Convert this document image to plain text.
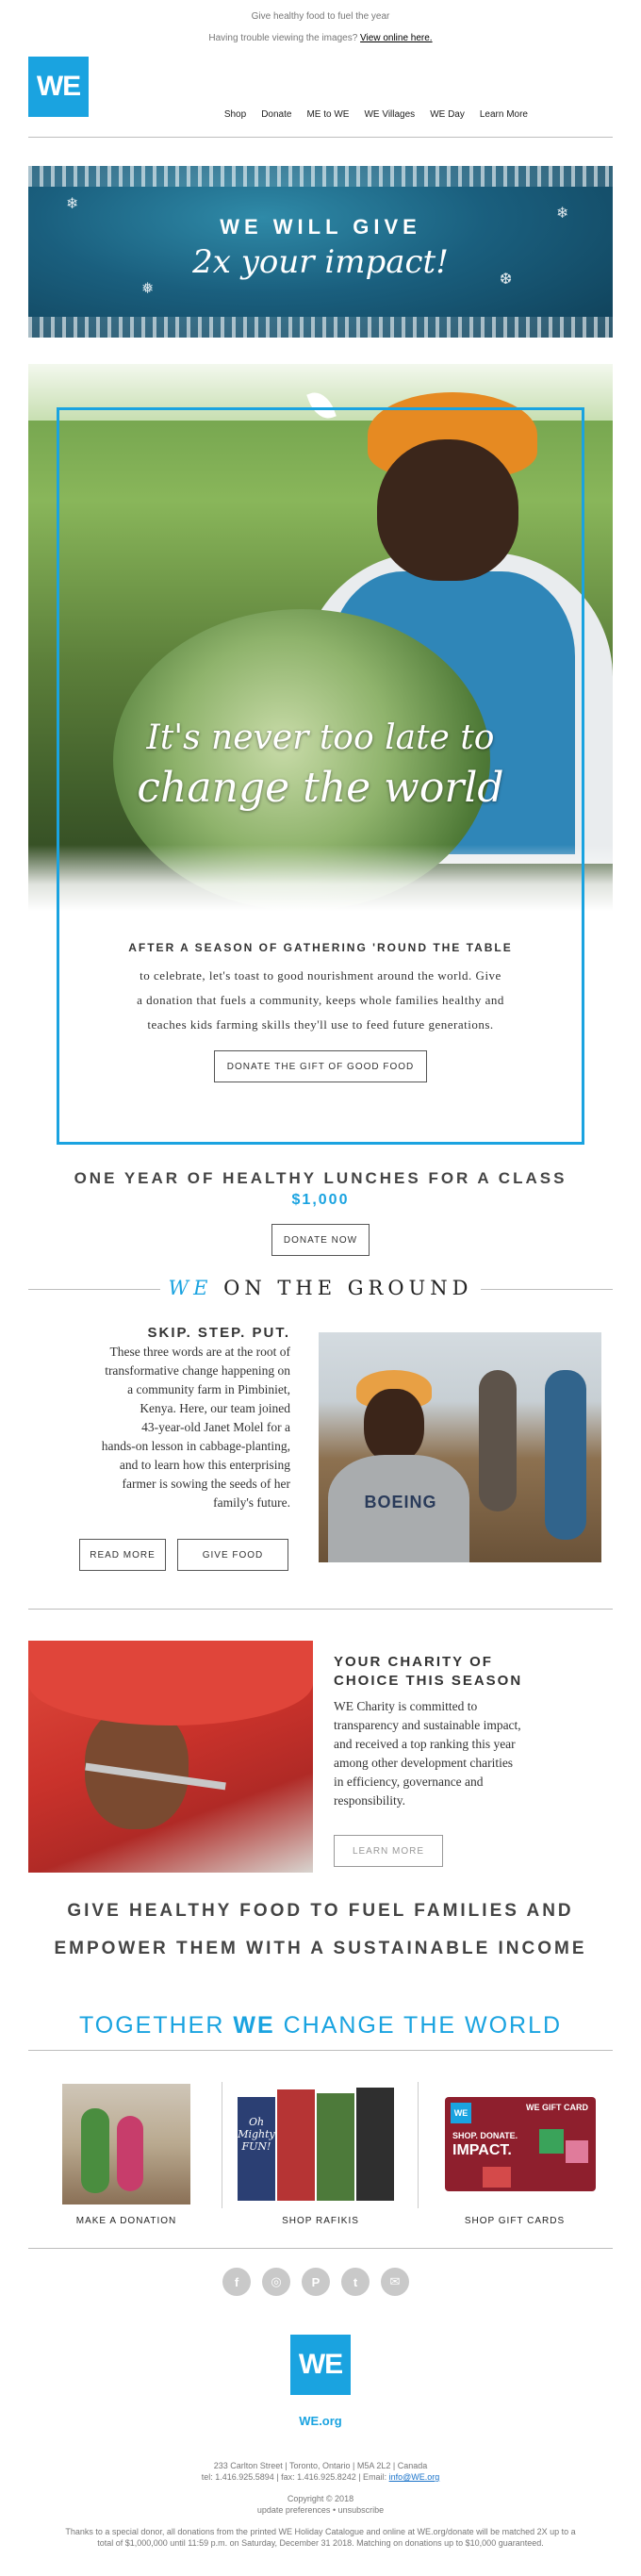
Give healthy food to fuel the year
Having trouble viewing the images? View online here.
WE
Shop Donate ME to WE WE Villages WE Day Learn More
❄
❄
❅
❆
WE WILL GIVE
2x your impact!
It's never too late to
change the world
AFTER A SEASON OF GATHERING 'ROUND THE TABLE
to celebrate, let's toast to good nourishment around the world. Give
a donation that fuels a community, keeps whole families healthy and
teaches kids farming skills they'll use to feed future generations.
DONATE THE GIFT OF GOOD FOOD
ONE YEAR OF HEALTHY LUNCHES FOR A CLASS
$1,000
DONATE NOW
WE ON THE GROUND
SKIP. STEP. PUT.
These three words are at the root of
transformative change happening on
a community farm in Pimbiniet,
Kenya. Here, our team joined
43-year-old Janet Molel for a
hands-on lesson in cabbage-planting,
and to learn how this enterprising
farmer is sowing the seeds of her
family's future.
READ MORE	GIVE FOOD
BOEING
YOUR CHARITY OF
CHOICE THIS SEASON
WE Charity is committed to
transparency and sustainable impact,
and received a top ranking this year
among other development charities
in efficiency, governance and
responsibility.
LEARN MORE
GIVE HEALTHY FOOD TO FUEL FAMILIES AND
EMPOWER THEM WITH A SUSTAINABLE INCOME
TOGETHER WE CHANGE THE WORLD
MAKE A DONATION
Oh Mighty FUN!
SHOP RAFIKIS
WE
WE GIFT CARD
SHOP. DONATE.
IMPACT.
SHOP GIFT CARDS
f	◎	P	t	✉
WE
WE.org
233 Carlton Street | Toronto, Ontario | M5A 2L2 | Canada
tel: 1.416.925.5894 | fax: 1.416.925.8242 | Email: info@WE.org
Copyright © 2018
update preferences • unsubscribe
Thanks to a special donor, all donations from the printed WE Holiday Catalogue and online at WE.org/donate will be matched 2X up to a
total of $1,000,000 until 11:59 p.m. on Saturday, December 31 2018. Matching on donations up to $10,000 guaranteed.
